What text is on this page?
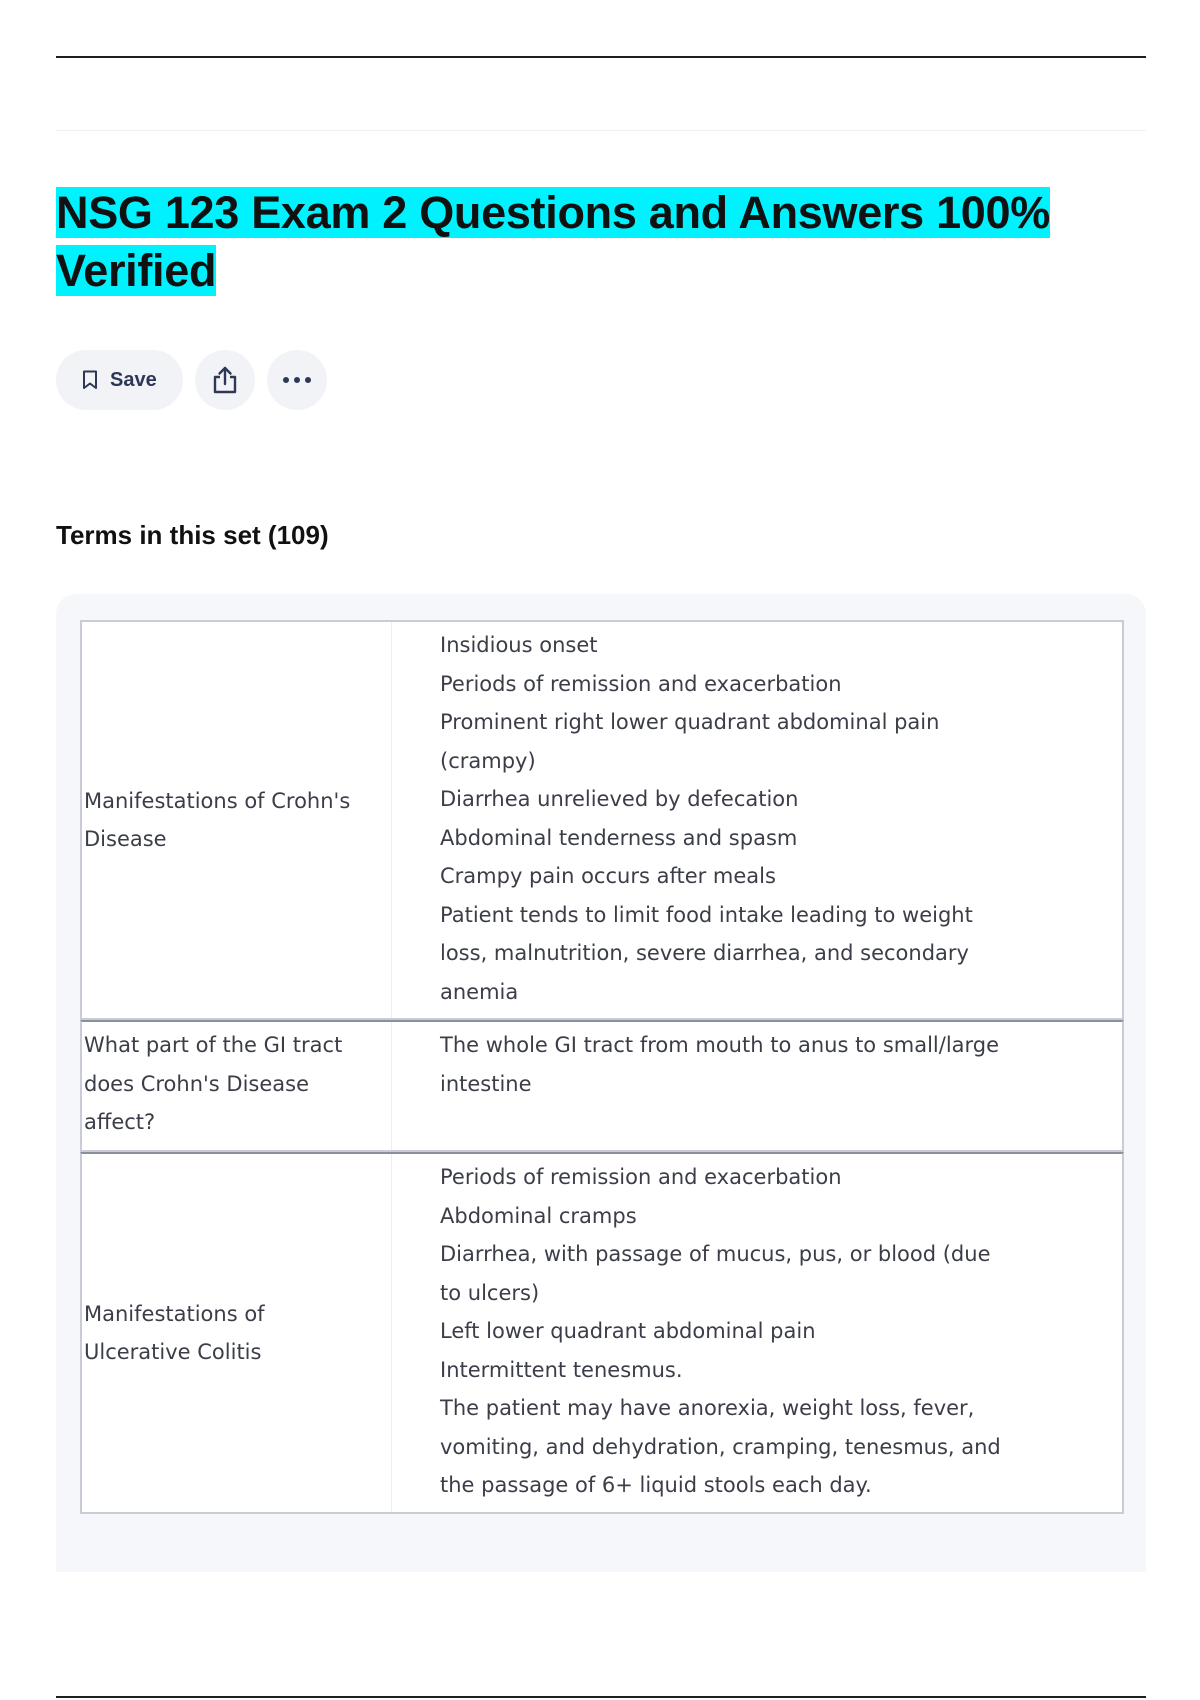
NSG 123 Exam 2 Questions and Answers 100%
Verified
Save
Terms in this set (109)
Manifestations of Crohn's
Disease
Insidious onset
Periods of remission and exacerbation
Prominent right lower quadrant abdominal pain
(crampy)
Diarrhea unrelieved by defecation
Abdominal tenderness and spasm
Crampy pain occurs after meals
Patient tends to limit food intake leading to weight
loss, malnutrition, severe diarrhea, and secondary
anemia
What part of the GI tract
does Crohn's Disease
affect?
The whole GI tract from mouth to anus to small/large
intestine
Manifestations of
Ulcerative Colitis
Periods of remission and exacerbation
Abdominal cramps
Diarrhea, with passage of mucus, pus, or blood (due
to ulcers)
Left lower quadrant abdominal pain
Intermittent tenesmus.
The patient may have anorexia, weight loss, fever,
vomiting, and dehydration, cramping, tenesmus, and
the passage of 6+ liquid stools each day.
